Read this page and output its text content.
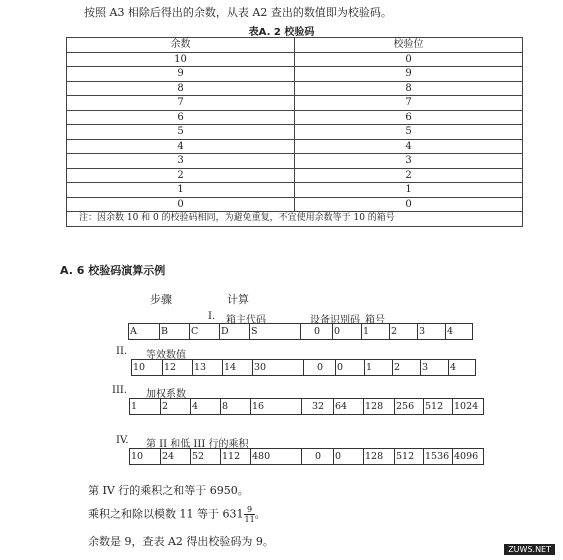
按照 A3 相除后得出的余数，从表 A2 查出的数值即为校验码。
表A. 2 校验码
余数	校验位
10	0
9	9
8	8
7	7
6	6
5	5
4	4
3	3
2	2
1	1
0	0
注：因余数 10 和 0 的校验码相同，为避免重复，不宜使用余数等于 10 的箱号	
A. 6 校验码演算示例
步骤	计算
I. 箱主代码	设备识别码 箱号
A	B	C	D	S	0	0	1	2	3	4
II. 等效数值
10	12	13	14	30	0	0	1	2	3	4
III. 加权系数
1	2	4	8	16	32	64	128	256	512	1024
IV. 第 II 和低 III 行的乘积
10	24	52	112	480	0	0	128	512	1536	4096
第 IV 行的乘积之和等于 6950。
乘积之和除以模数 11 等于 $631 \frac{9}{11}$ 。
余数是 9，查表 A2 得出校验码为 9。
ZUWS.NET
